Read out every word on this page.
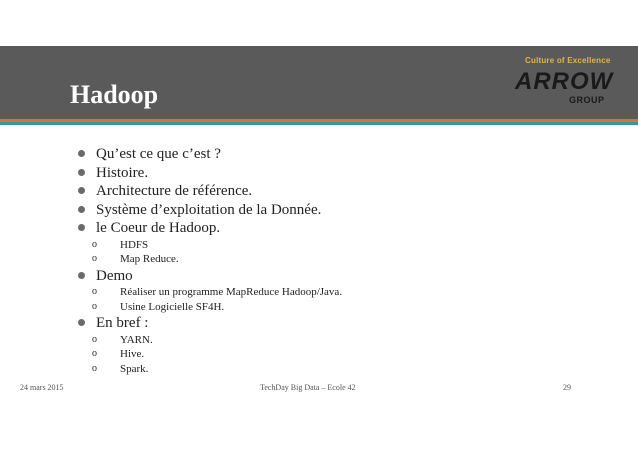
Hadoop
Culture of Excellence
ARROW
GROUP
Qu’est ce que c’est ?
Histoire.
Architecture de référence.
Système d’exploitation de la Donnée.
le Coeur de Hadoop.
o HDFS
o Map Reduce.
Demo
o Réaliser un programme MapReduce Hadoop/Java.
o Usine Logicielle SF4H.
En bref :
o YARN.
o Hive.
o Spark.
24 mars 2015	TechDay Big Data – Ecole 42	29
